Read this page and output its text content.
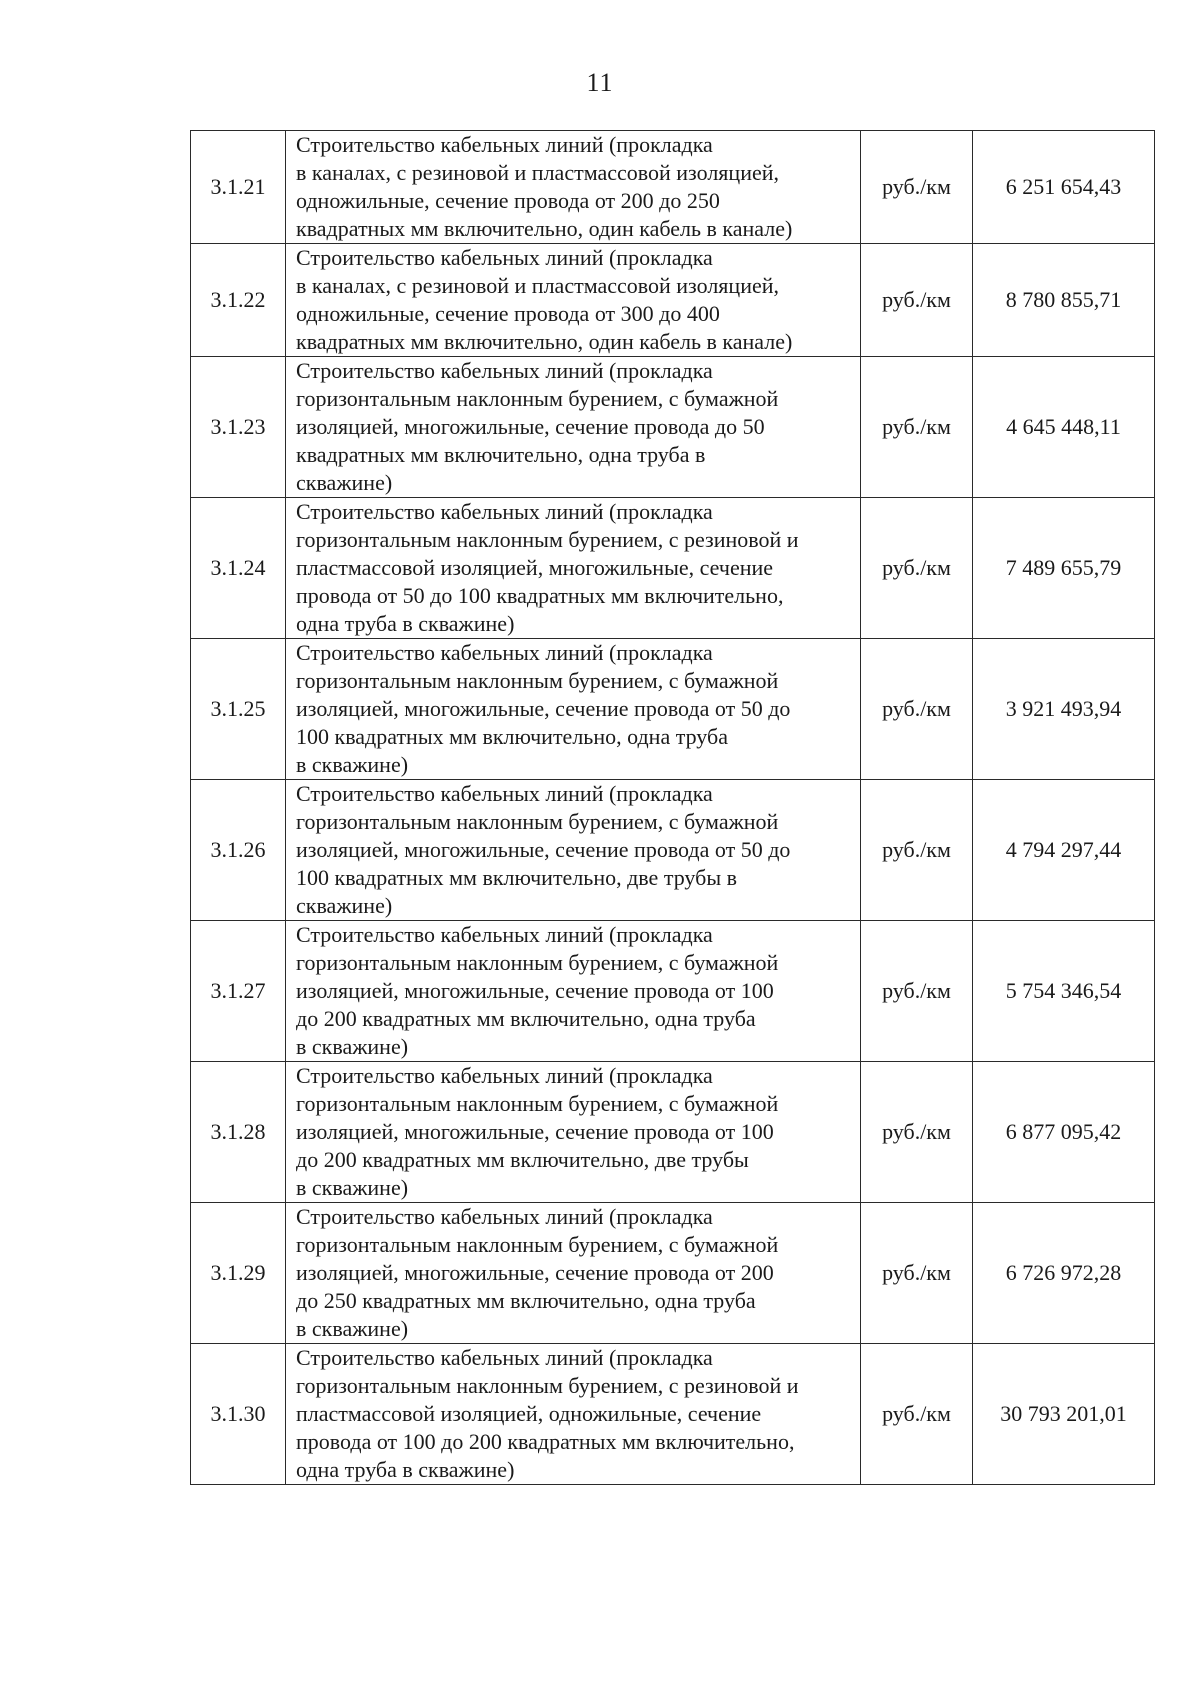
11
3.1.21	Строительство кабельных линий (прокладка
в каналах, с резиновой и пластмассовой изоляцией,
одножильные, сечение провода от 200 до 250
квадратных мм включительно, один кабель в канале)	руб./км	6 251 654,43
3.1.22	Строительство кабельных линий (прокладка
в каналах, с резиновой и пластмассовой изоляцией,
одножильные, сечение провода от 300 до 400
квадратных мм включительно, один кабель в канале)	руб./км	8 780 855,71
3.1.23	Строительство кабельных линий (прокладка
горизонтальным наклонным бурением, с бумажной
изоляцией, многожильные, сечение провода до 50
квадратных мм включительно, одна труба в
скважине)	руб./км	4 645 448,11
3.1.24	Строительство кабельных линий (прокладка
горизонтальным наклонным бурением, с резиновой и
пластмассовой изоляцией, многожильные, сечение
провода от 50 до 100 квадратных мм включительно,
одна труба в скважине)	руб./км	7 489 655,79
3.1.25	Строительство кабельных линий (прокладка
горизонтальным наклонным бурением, с бумажной
изоляцией, многожильные, сечение провода от 50 до
100 квадратных мм включительно, одна труба
в скважине)	руб./км	3 921 493,94
3.1.26	Строительство кабельных линий (прокладка
горизонтальным наклонным бурением, с бумажной
изоляцией, многожильные, сечение провода от 50 до
100 квадратных мм включительно, две трубы в
скважине)	руб./км	4 794 297,44
3.1.27	Строительство кабельных линий (прокладка
горизонтальным наклонным бурением, с бумажной
изоляцией, многожильные, сечение провода от 100
до 200 квадратных мм включительно, одна труба
в скважине)	руб./км	5 754 346,54
3.1.28	Строительство кабельных линий (прокладка
горизонтальным наклонным бурением, с бумажной
изоляцией, многожильные, сечение провода от 100
до 200 квадратных мм включительно, две трубы
в скважине)	руб./км	6 877 095,42
3.1.29	Строительство кабельных линий (прокладка
горизонтальным наклонным бурением, с бумажной
изоляцией, многожильные, сечение провода от 200
до 250 квадратных мм включительно, одна труба
в скважине)	руб./км	6 726 972,28
3.1.30	Строительство кабельных линий (прокладка
горизонтальным наклонным бурением, с резиновой и
пластмассовой изоляцией, одножильные, сечение
провода от 100 до 200 квадратных мм включительно,
одна труба в скважине)	руб./км	30 793 201,01
